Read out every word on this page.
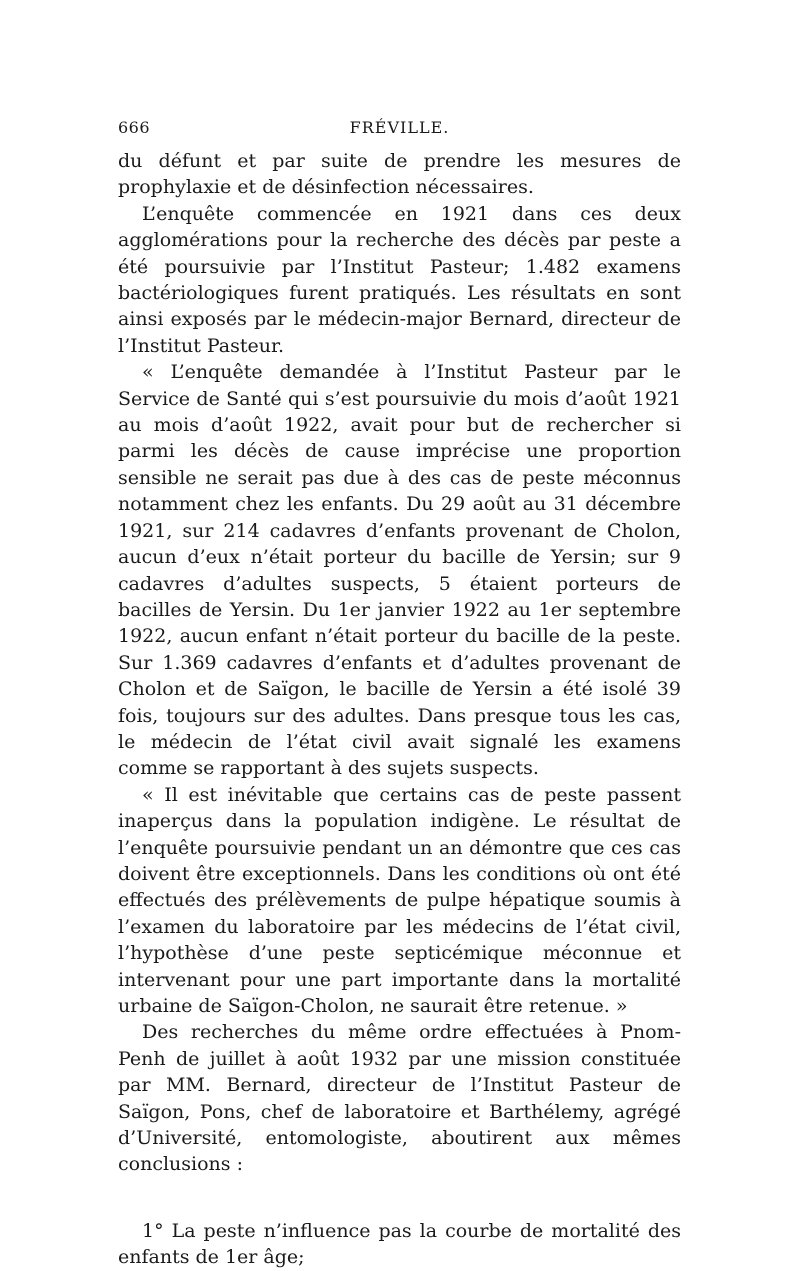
666	FRÉVILLE.

du défunt et par suite de prendre les mesures de prophylaxie et de désinfection nécessaires.

L’enquête commencée en 1921 dans ces deux agglomérations pour la recherche des décès par peste a été poursuivie par l’Institut Pasteur; 1.482 examens bactériologiques furent pratiqués. Les résultats en sont ainsi exposés par le médecin-major Bernard, directeur de l’Institut Pasteur.

« L’enquête demandée à l’Institut Pasteur par le Service de Santé qui s’est poursuivie du mois d’août 1921 au mois d’août 1922, avait pour but de rechercher si parmi les décès de cause imprécise une proportion sensible ne serait pas due à des cas de peste méconnus notamment chez les enfants. Du 29 août au 31 décembre 1921, sur 214 cadavres d’enfants provenant de Cholon, aucun d’eux n’était porteur du bacille de Yersin; sur 9 cadavres d’adultes suspects, 5 étaient porteurs de bacilles de Yersin. Du 1er janvier 1922 au 1er septembre 1922, aucun enfant n’était porteur du bacille de la peste. Sur 1.369 cadavres d’enfants et d’adultes provenant de Cholon et de Saïgon, le bacille de Yersin a été isolé 39 fois, toujours sur des adultes. Dans presque tous les cas, le médecin de l’état civil avait signalé les examens comme se rapportant à des sujets suspects.

« Il est inévitable que certains cas de peste passent inaperçus dans la population indigène. Le résultat de l’enquête poursuivie pendant un an démontre que ces cas doivent être exceptionnels. Dans les conditions où ont été effectués des prélèvements de pulpe hépatique soumis à l’examen du laboratoire par les médecins de l’état civil, l’hypothèse d’une peste septicémique méconnue et intervenant pour une part importante dans la mortalité urbaine de Saïgon-Cholon, ne saurait être retenue. »

Des recherches du même ordre effectuées à Pnom-Penh de juillet à août 1932 par une mission constituée par MM. Bernard, directeur de l’Institut Pasteur de Saïgon, Pons, chef de laboratoire et Barthélemy, agrégé d’Université, entomologiste, aboutirent aux mêmes conclusions :

1° La peste n’influence pas la courbe de mortalité des enfants de 1er âge;
